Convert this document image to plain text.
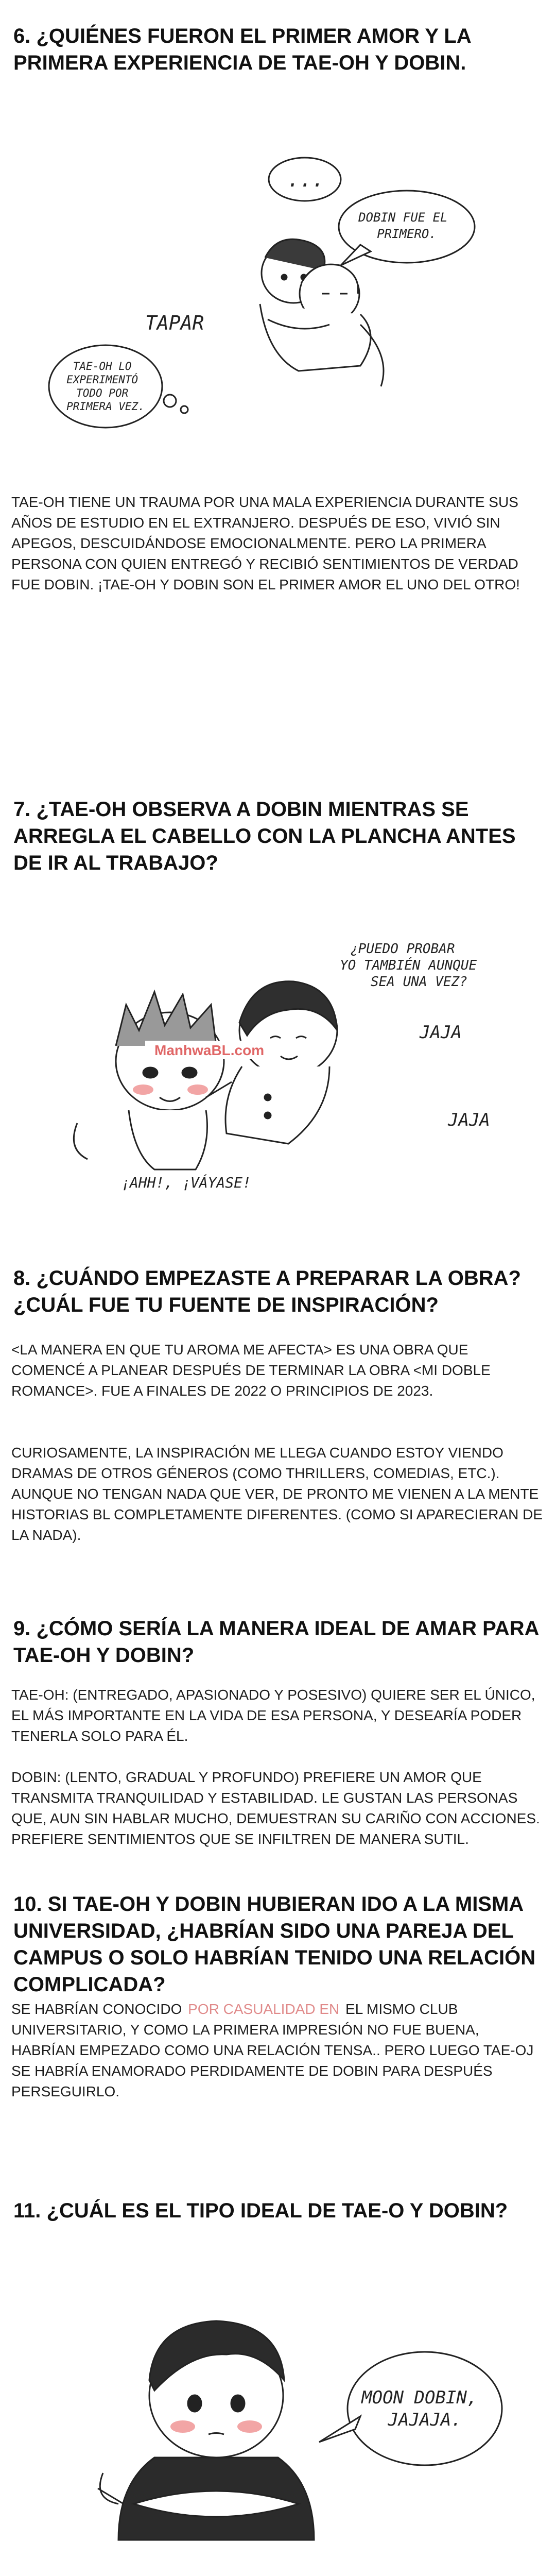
6. ¿QUIÉNES FUERON EL PRIMER AMOR Y LA PRIMERA EXPERIENCIA DE TAE-OH Y DOBIN.
...
DOBIN FUE EL PRIMERO.
TAPAR
TAE-OH LO EXPERIMENTÓ TODO POR PRIMERA VEZ.

TAE-OH TIENE UN TRAUMA POR UNA MALA EXPERIENCIA DURANTE SUS AÑOS DE ESTUDIO EN EL EXTRANJERO. DESPUÉS DE ESO, VIVIÓ SIN APEGOS, DESCUIDÁNDOSE EMOCIONALMENTE. PERO LA PRIMERA PERSONA CON QUIEN ENTREGÓ Y RECIBIÓ SENTIMIENTOS DE VERDAD FUE DOBIN. ¡TAE-OH Y DOBIN SON EL PRIMER AMOR EL UNO DEL OTRO!

7. ¿TAE-OH OBSERVA A DOBIN MIENTRAS SE ARREGLA EL CABELLO CON LA PLANCHA ANTES DE IR AL TRABAJO?
ManhwaBL.com
¿PUEDO PROBAR YO TAMBIÉN AUNQUE SEA UNA VEZ?
JAJA
JAJA
¡AHH!, ¡VÁYASE!
8. ¿CUÁNDO EMPEZASTE A PREPARAR LA OBRA? ¿CUÁL FUE TU FUENTE DE INSPIRACIÓN?

<LA MANERA EN QUE TU AROMA ME AFECTA> ES UNA OBRA QUE COMENCÉ A PLANEAR DESPUÉS DE TERMINAR LA OBRA <MI DOBLE ROMANCE>. FUE A FINALES DE 2022 O PRINCIPIOS DE 2023.

CURIOSAMENTE, LA INSPIRACIÓN ME LLEGA CUANDO ESTOY VIENDO DRAMAS DE OTROS GÉNEROS (COMO THRILLERS, COMEDIAS, ETC.). AUNQUE NO TENGAN NADA QUE VER, DE PRONTO ME VIENEN A LA MENTE HISTORIAS BL COMPLETAMENTE DIFERENTES. (COMO SI APARECIERAN DE LA NADA).

9. ¿CÓMO SERÍA LA MANERA IDEAL DE AMAR PARA TAE-OH Y DOBIN?

TAE-OH: (ENTREGADO, APASIONADO Y POSESIVO) QUIERE SER EL ÚNICO, EL MÁS IMPORTANTE EN LA VIDA DE ESA PERSONA, Y DESEARÍA PODER TENERLA SOLO PARA ÉL.

DOBIN: (LENTO, GRADUAL Y PROFUNDO) PREFIERE UN AMOR QUE TRANSMITA TRANQUILIDAD Y ESTABILIDAD. LE GUSTAN LAS PERSONAS QUE, AUN SIN HABLAR MUCHO, DEMUESTRAN SU CARIÑO CON ACCIONES. PREFIERE SENTIMIENTOS QUE SE INFILTREN DE MANERA SUTIL.

10. SI TAE-OH Y DOBIN HUBIERAN IDO A LA MISMA UNIVERSIDAD, ¿HABRÍAN SIDO UNA PAREJA DEL CAMPUS O SOLO HABRÍAN TENIDO UNA RELACIÓN COMPLICADA?

SE HABRÍAN CONOCIDO POR CASUALIDAD EN EL MISMO CLUB UNIVERSITARIO, Y COMO LA PRIMERA IMPRESIÓN NO FUE BUENA, HABRÍAN EMPEZADO COMO UNA RELACIÓN TENSA.. PERO LUEGO TAE-OJ SE HABRÍA ENAMORADO PERDIDAMENTE DE DOBIN PARA DESPUÉS PERSEGUIRLO.

11. ¿CUÁL ES EL TIPO IDEAL DE TAE-O Y DOBIN?
MOON DOBIN, JAJAJA.
